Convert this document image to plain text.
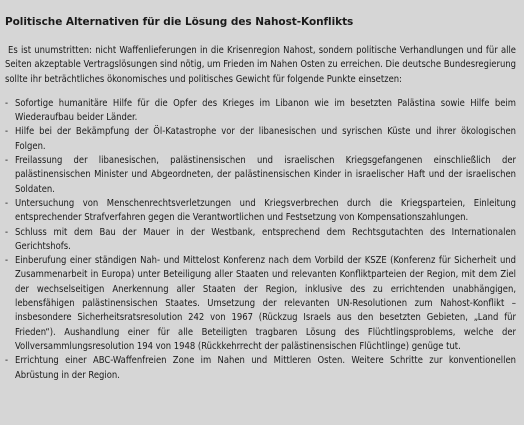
Politische Alternativen für die Lösung des Nahost-Konflikts

Es ist unumstritten: nicht Waffenlieferungen in die Krisenregion Nahost, sondern politische Verhandlungen und für alle Seiten akzeptable Vertragslösungen sind nötig, um Frieden im Nahen Osten zu erreichen. Die deutsche Bundesregierung sollte ihr beträchtliches ökonomisches und politisches Gewicht für folgende Punkte einsetzen:

- Sofortige humanitäre Hilfe für die Opfer des Krieges im Libanon wie im besetzten Palästina sowie Hilfe beim Wiederaufbau beider Länder.
- Hilfe bei der Bekämpfung der Öl-Katastrophe vor der libanesischen und syrischen Küste und ihrer ökologischen Folgen.
- Freilassung der libanesischen, palästinensischen und israelischen Kriegsgefangenen einschließlich der palästinensischen Minister und Abgeordneten, der palästinensischen Kinder in israelischer Haft und der israelischen Soldaten.
- Untersuchung von Menschenrechtsverletzungen und Kriegsverbrechen durch die Kriegsparteien, Einleitung entsprechender Strafverfahren gegen die Verantwortlichen und Festsetzung von Kompensationszahlungen.
- Schluss mit dem Bau der Mauer in der Westbank, entsprechend dem Rechtsgutachten des Internationalen Gerichtshofs.
- Einberufung einer ständigen Nah- und Mittelost Konferenz nach dem Vorbild der KSZE (Konferenz für Sicherheit und Zusammenarbeit in Europa) unter Beteiligung aller Staaten und relevanten Konfliktparteien der Region, mit dem Ziel der wechselseitigen Anerkennung aller Staaten der Region, inklusive des zu errichtenden unabhängigen, lebensfähigen palästinensischen Staates. Umsetzung der relevanten UN-Resolutionen zum Nahost-Konflikt – insbesondere Sicherheitsratsresolution 242 von 1967 (Rückzug Israels aus den besetzten Gebieten, „Land für Frieden“). Aushandlung einer für alle Beteiligten tragbaren Lösung des Flüchtlingsproblems, welche der Vollversammlungsresolution 194 von 1948 (Rückkehrrecht der palästinensischen Flüchtlinge) genüge tut.
- Errichtung einer ABC-Waffenfreien Zone im Nahen und Mittleren Osten. Weitere Schritte zur konventionellen Abrüstung in der Region.
